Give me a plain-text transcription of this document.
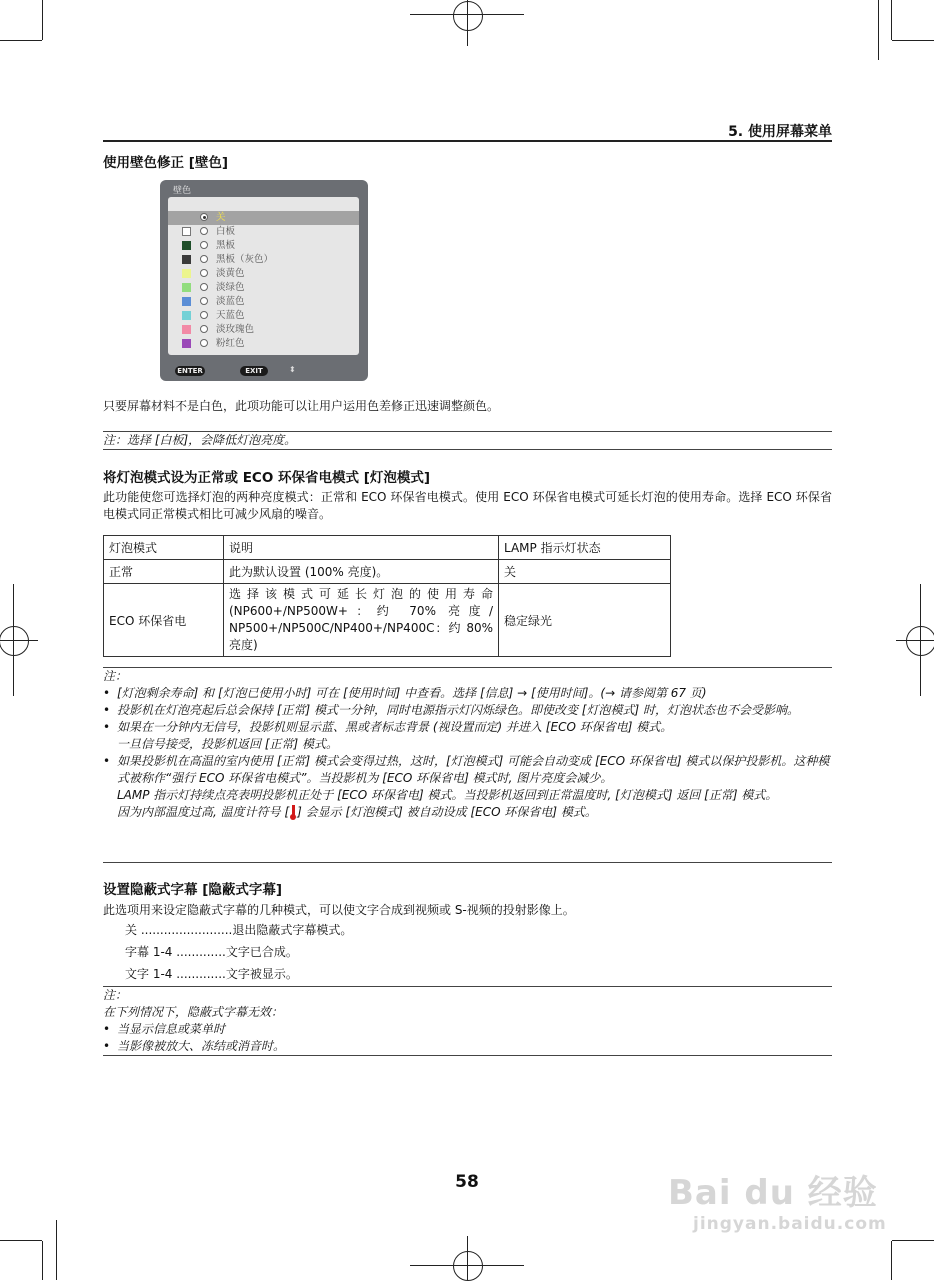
5. 使用屏幕菜单
使用壁色修正 [壁色]
壁色
关
白板
黑板
黑板（灰色）
淡黄色
淡绿色
淡蓝色
天蓝色
淡玫瑰色
粉红色
ENTER	EXIT	⬍
只要屏幕材料不是白色，此项功能可以让用户运用色差修正迅速调整颜色。
注：选择 [白板]，会降低灯泡亮度。
将灯泡模式设为正常或 ECO 环保省电模式 [灯泡模式]
此功能使您可选择灯泡的两种亮度模式：正常和 ECO 环保省电模式。使用 ECO 环保省电模式可延长灯泡的使用寿命。选择 ECO 环保省电模式同正常模式相比可减少风扇的噪音。
灯泡模式	说明	LAMP 指示灯状态
正常	此为默认设置 (100% 亮度)。	关
ECO 环保省电	选择该模式可延长灯泡的使用寿命 (NP600+/NP500W+：约 70% 亮度/ NP500+/NP500C/NP400+/NP400C：约 80% 亮度)	稳定绿光
注：
• [灯泡剩余寿命] 和 [灯泡已使用小时] 可在 [使用时间] 中查看。选择 [信息] → [使用时间]。(→ 请参阅第 67 页)
• 投影机在灯泡亮起后总会保持 [正常] 模式一分钟，同时电源指示灯闪烁绿色。即使改变 [灯泡模式] 时，灯泡状态也不会受影响。
• 如果在一分钟内无信号，投影机则显示蓝、黑或者标志背景 (视设置而定) 并进入 [ECO 环保省电] 模式。
一旦信号接受，投影机返回 [正常] 模式。
• 如果投影机在高温的室内使用 [正常] 模式会变得过热，这时，[灯泡模式] 可能会自动变成 [ECO 环保省电] 模式以保护投影机。这种模式被称作“强行 ECO 环保省电模式”。当投影机为 [ECO 环保省电] 模式时, 图片亮度会减少。
LAMP 指示灯持续点亮表明投影机正处于 [ECO 环保省电] 模式。当投影机返回到正常温度时, [灯泡模式] 返回 [正常] 模式。
因为内部温度过高, 温度计符号 [ ] 会显示 [灯泡模式] 被自动设成 [ECO 环保省电] 模式。
设置隐蔽式字幕 [隐蔽式字幕]
此选项用来设定隐蔽式字幕的几种模式，可以使文字合成到视频或 S-视频的投射影像上。
关 ........................退出隐蔽式字幕模式。
字幕 1-4 .............文字已合成。
文字 1-4 .............文字被显示。
注：
在下列情况下，隐蔽式字幕无效：
• 当显示信息或菜单时
• 当影像被放大、冻结或消音时。
58	Bai du 经验
jingyan.baidu.com
